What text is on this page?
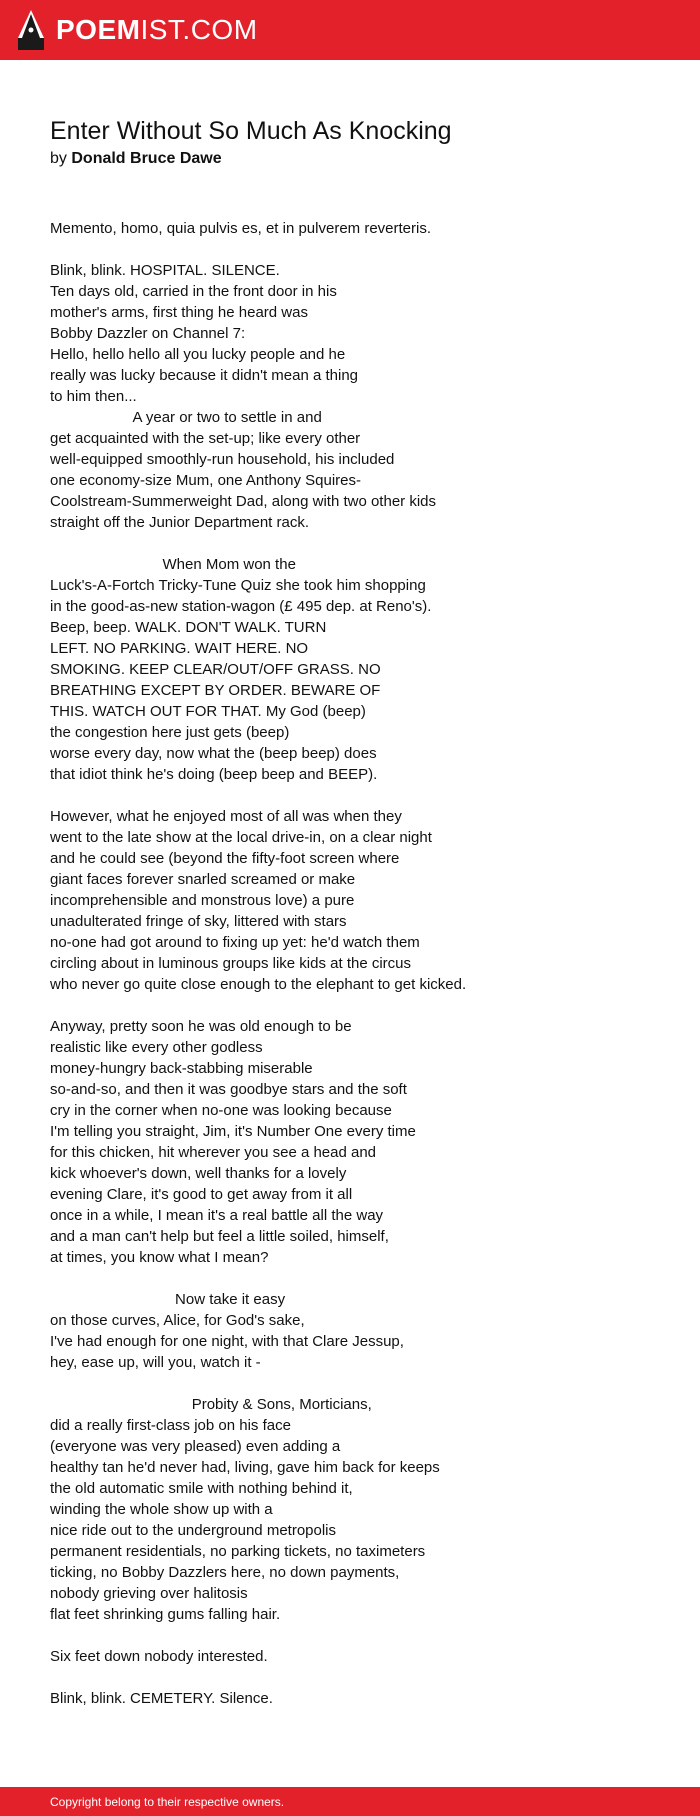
POEMIST.COM
Enter Without So Much As Knocking
by Donald Bruce Dawe
Memento, homo, quia pulvis es, et in pulverem reverteris.
Blink, blink. HOSPITAL. SILENCE.
Ten days old, carried in the front door in his
mother's arms, first thing he heard was
Bobby Dazzler on Channel 7:
Hello, hello hello all you lucky people and he
really was lucky because it didn't mean a thing
to him then...
A year or two to settle in and
get acquainted with the set-up; like every other
well-equipped smoothly-run household, his included
one economy-size Mum, one Anthony Squires-
Coolstream-Summerweight Dad, along with two other kids
straight off the Junior Department rack.
When Mom won the
Luck's-A-Fortch Tricky-Tune Quiz she took him shopping
in the good-as-new station-wagon (£ 495 dep. at Reno's).
Beep, beep. WALK. DON'T WALK. TURN
LEFT. NO PARKING. WAIT HERE. NO
SMOKING. KEEP CLEAR/OUT/OFF GRASS. NO
BREATHING EXCEPT BY ORDER. BEWARE OF
THIS. WATCH OUT FOR THAT. My God (beep)
the congestion here just gets (beep)
worse every day, now what the (beep beep) does
that idiot think he's doing (beep beep and BEEP).
However, what he enjoyed most of all was when they
went to the late show at the local drive-in, on a clear night
and he could see (beyond the fifty-foot screen where
giant faces forever snarled screamed or make
incomprehensible and monstrous love) a pure
unadulterated fringe of sky, littered with stars
no-one had got around to fixing up yet: he'd watch them
circling about in luminous groups like kids at the circus
who never go quite close enough to the elephant to get kicked.
Anyway, pretty soon he was old enough to be
realistic like every other godless
money-hungry back-stabbing miserable
so-and-so, and then it was goodbye stars and the soft
cry in the corner when no-one was looking because
I'm telling you straight, Jim, it's Number One every time
for this chicken, hit wherever you see a head and
kick whoever's down, well thanks for a lovely
evening Clare, it's good to get away from it all
once in a while, I mean it's a real battle all the way
and a man can't help but feel a little soiled, himself,
at times, you know what I mean?
Now take it easy
on those curves, Alice, for God's sake,
I've had enough for one night, with that Clare Jessup,
hey, ease up, will you, watch it -
Probity & Sons, Morticians,
did a really first-class job on his face
(everyone was very pleased) even adding a
healthy tan he'd never had, living, gave him back for keeps
the old automatic smile with nothing behind it,
winding the whole show up with a
nice ride out to the underground metropolis
permanent residentials, no parking tickets, no taximeters
ticking, no Bobby Dazzlers here, no down payments,
nobody grieving over halitosis
flat feet shrinking gums falling hair.
Six feet down nobody interested.
Blink, blink. CEMETERY. Silence.
Copyright belong to their respective owners.
